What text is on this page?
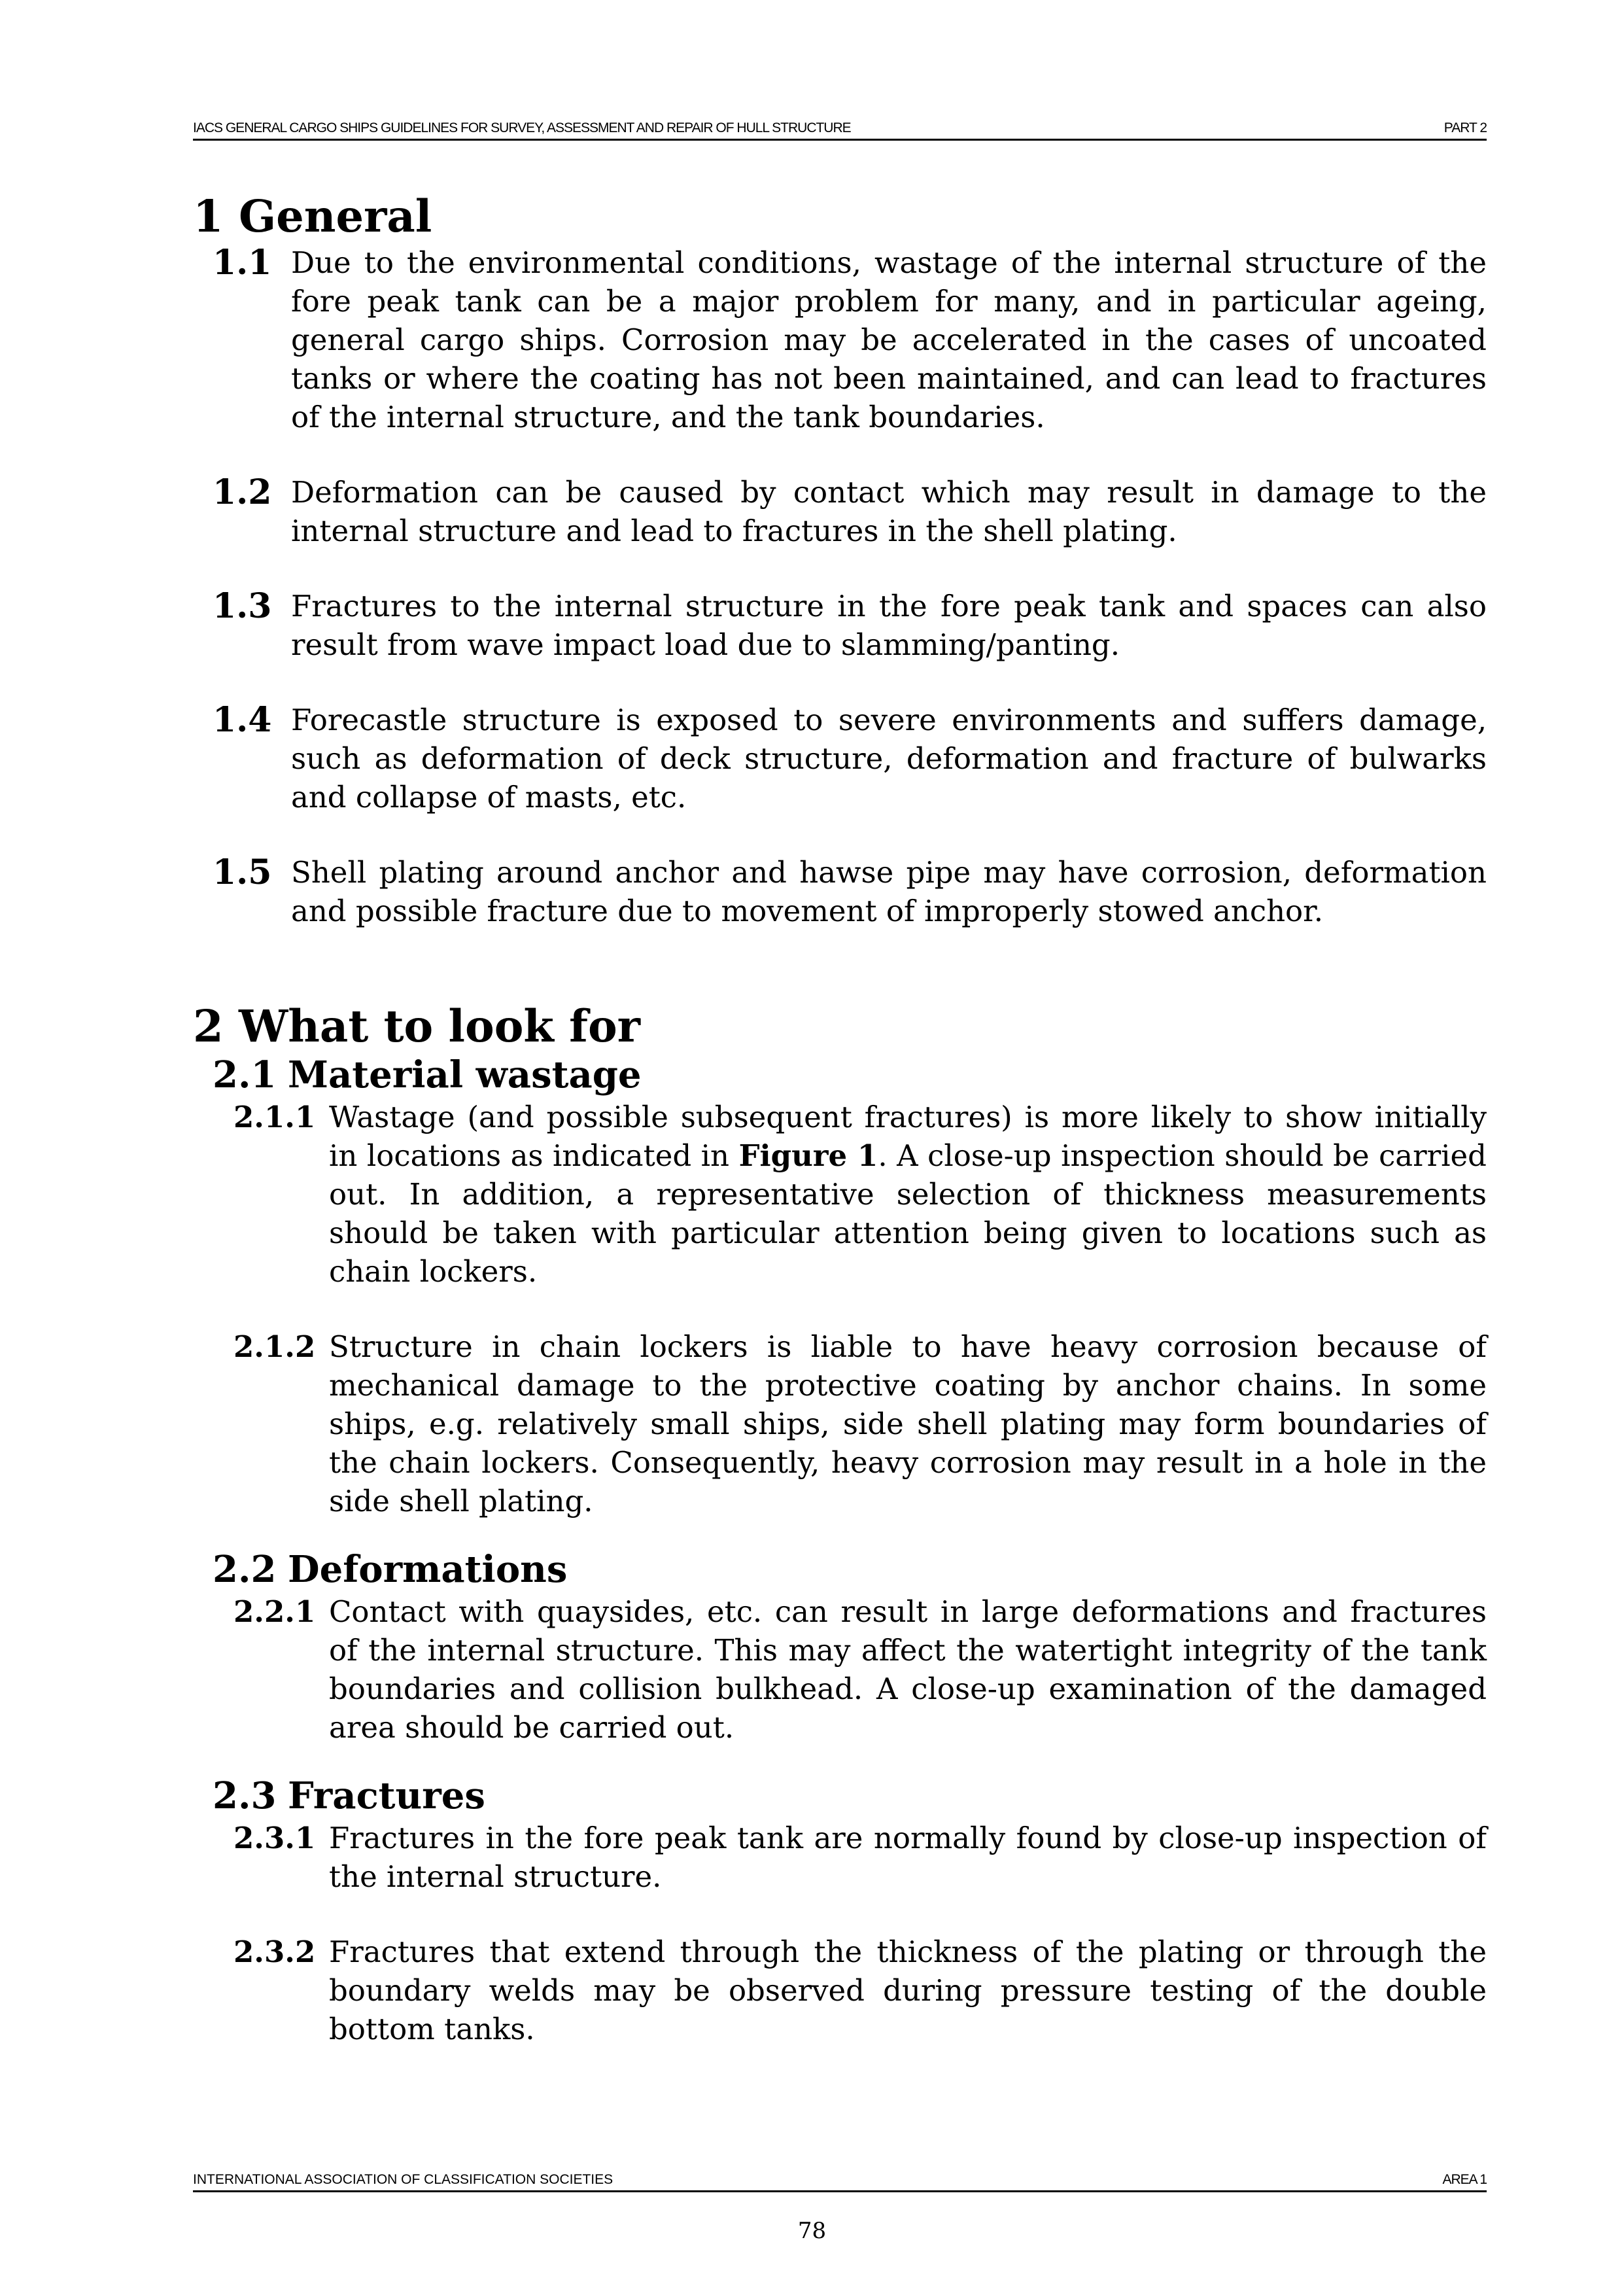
IACS GENERAL CARGO SHIPS GUIDELINES FOR SURVEY, ASSESSMENT AND REPAIR OF HULL STRUCTURE	PART 2
1 General
1.1 Due to the environmental conditions, wastage of the internal structure of the fore peak tank can be a major problem for many, and in particular ageing, general cargo ships. Corrosion may be accelerated in the cases of uncoated tanks or where the coating has not been maintained, and can lead to fractures of the internal structure, and the tank boundaries.
1.2 Deformation can be caused by contact which may result in damage to the internal structure and lead to fractures in the shell plating.
1.3 Fractures to the internal structure in the fore peak tank and spaces can also result from wave impact load due to slamming/panting.
1.4 Forecastle structure is exposed to severe environments and suffers damage, such as deformation of deck structure, deformation and fracture of bulwarks and collapse of masts, etc.
1.5 Shell plating around anchor and hawse pipe may have corrosion, deformation and possible fracture due to movement of improperly stowed anchor.
2 What to look for
2.1 Material wastage
2.1.1 Wastage (and possible subsequent fractures) is more likely to show initially in locations as indicated in Figure 1. A close-up inspection should be carried out. In addition, a representative selection of thickness measurements should be taken with particular attention being given to locations such as chain lockers.
2.1.2 Structure in chain lockers is liable to have heavy corrosion because of mechanical damage to the protective coating by anchor chains. In some ships, e.g. relatively small ships, side shell plating may form boundaries of the chain lockers. Consequently, heavy corrosion may result in a hole in the side shell plating.
2.2 Deformations
2.2.1 Contact with quaysides, etc. can result in large deformations and fractures of the internal structure. This may affect the watertight integrity of the tank boundaries and collision bulkhead. A close-up examination of the damaged area should be carried out.
2.3 Fractures
2.3.1 Fractures in the fore peak tank are normally found by close-up inspection of the internal structure.
2.3.2 Fractures that extend through the thickness of the plating or through the boundary welds may be observed during pressure testing of the double bottom tanks.
INTERNATIONAL ASSOCIATION OF CLASSIFICATION SOCIETIES	AREA 1
78
